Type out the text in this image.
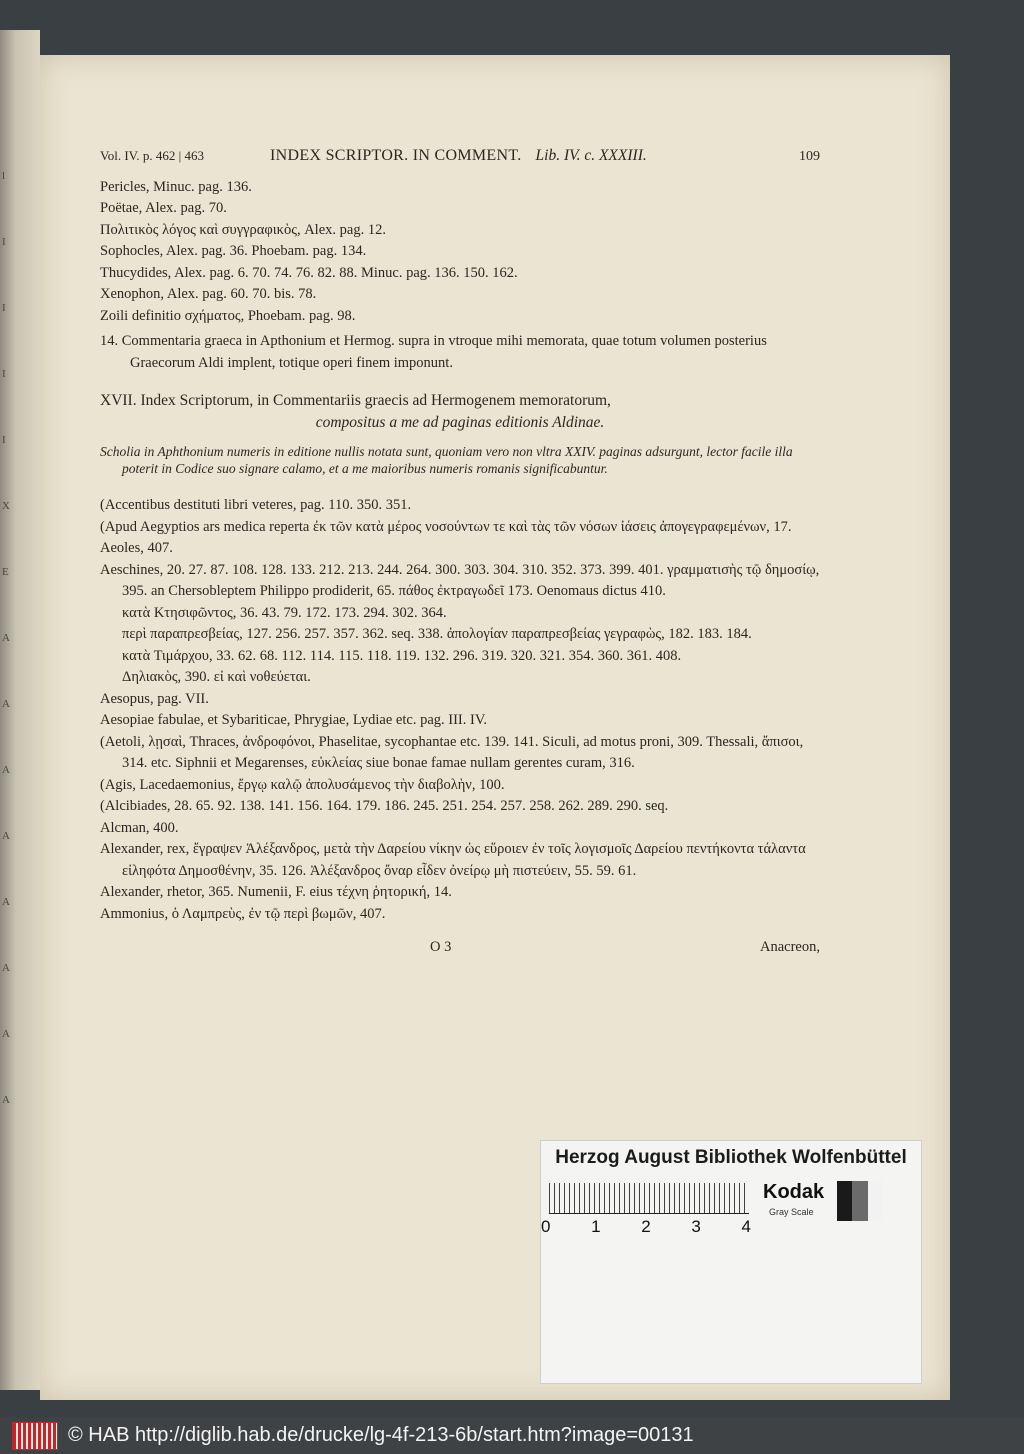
l
I
I
I
I
X
E
A
A
A
A
A
A
A
A
Vol. IV. p. 462 | 463	INDEX SCRIPTOR. IN COMMENT. Lib. IV. c. XXXIII.	109
Pericles, Minuc. pag. 136.
Poëtae, Alex. pag. 70.
Πολιτικὸς λόγος καὶ συγγραφικὸς, Alex. pag. 12.
Sophocles, Alex. pag. 36. Phoebam. pag. 134.
Thucydides, Alex. pag. 6. 70. 74. 76. 82. 88. Minuc. pag. 136. 150. 162.
Xenophon, Alex. pag. 60. 70. bis. 78.
Zoili definitio σχήματος, Phoebam. pag. 98.
14. Commentaria graeca in Apthonium et Hermog. supra in vtroque mihi memorata, quae totum volumen posterius Graecorum Aldi implent, totique operi finem imponunt.
XVII. Index Scriptorum, in Commentariis graecis ad Hermogenem memoratorum,
compositus a me ad paginas editionis Aldinae.
Scholia in Aphthonium numeris in editione nullis notata sunt, quoniam vero non vltra XXIV. paginas adsurgunt, lector facile illa poterit in Codice suo signare calamo, et a me maioribus numeris romanis significabuntur.
(Accentibus destituti libri veteres, pag. 110. 350. 351.
(Apud Aegyptios ars medica reperta ἐκ τῶν κατὰ μέρος νοσούντων τε καὶ τὰς τῶν νόσων ἰάσεις ἀπογεγραφεμένων, 17.
Aeoles, 407.
Aeschines, 20. 27. 87. 108. 128. 133. 212. 213. 244. 264. 300. 303. 304. 310. 352. 373. 399. 401. γραμματισὴς τῷ δημοσίῳ, 395. an Chersobleptem Philippo prodiderit, 65. πάθος ἐκτραγωδεῖ 173. Oenomaus dictus 410.
κατὰ Κτησιφῶντος, 36. 43. 79. 172. 173. 294. 302. 364.
περὶ παραπρεσβείας, 127. 256. 257. 357. 362. seq. 338. ἀπολογίαν παραπρεσβείας γεγραφὼς, 182. 183. 184.
κατὰ Τιμάρχου, 33. 62. 68. 112. 114. 115. 118. 119. 132. 296. 319. 320. 321. 354. 360. 361. 408.
Δηλιακὸς, 390. εἰ καὶ νοθεύεται.
Aesopus, pag. VII.
Aesopiae fabulae, et Sybariticae, Phrygiae, Lydiae etc. pag. III. IV.
(Aetoli, λῃσαὶ, Thraces, ἀνδροφόνοι, Phaselitae, sycophantae etc. 139. 141. Siculi, ad motus proni, 309. Thessali, ἄπισοι, 314. etc. Siphnii et Megarenses, εὐκλείας siue bonae famae nullam gerentes curam, 316.
(Agis, Lacedaemonius, ἔργῳ καλῷ ἀπολυσάμενος τὴν διαβολὴν, 100.
(Alcibiades, 28. 65. 92. 138. 141. 156. 164. 179. 186. 245. 251. 254. 257. 258. 262. 289. 290. seq.
Alcman, 400.
Alexander, rex, ἔγραψεν Ἀλέξανδρος, μετὰ τὴν Δαρείου νίκην ὡς εὕροιεν ἐν τοῖς λογισμοῖς Δαρείου πεντήκοντα τάλαντα εἰληφότα Δημοσθένην, 35. 126. Ἀλέξανδρος ὄναρ εἶδεν ὀνείρῳ μὴ πιστεύειν, 55. 59. 61.
Alexander, rhetor, 365. Numenii, F. eius τέχνη ῥητορική, 14.
Ammonius, ὁ Λαμπρεὺς, ἐν τῷ περὶ βωμῶν, 407.
O 3	Anacreon,
Herzog August Bibliothek Wolfenbüttel
0 1 2 3 4
Kodak
Gray Scale
© HAB http://diglib.hab.de/drucke/lg-4f-213-6b/start.htm?image=00131
